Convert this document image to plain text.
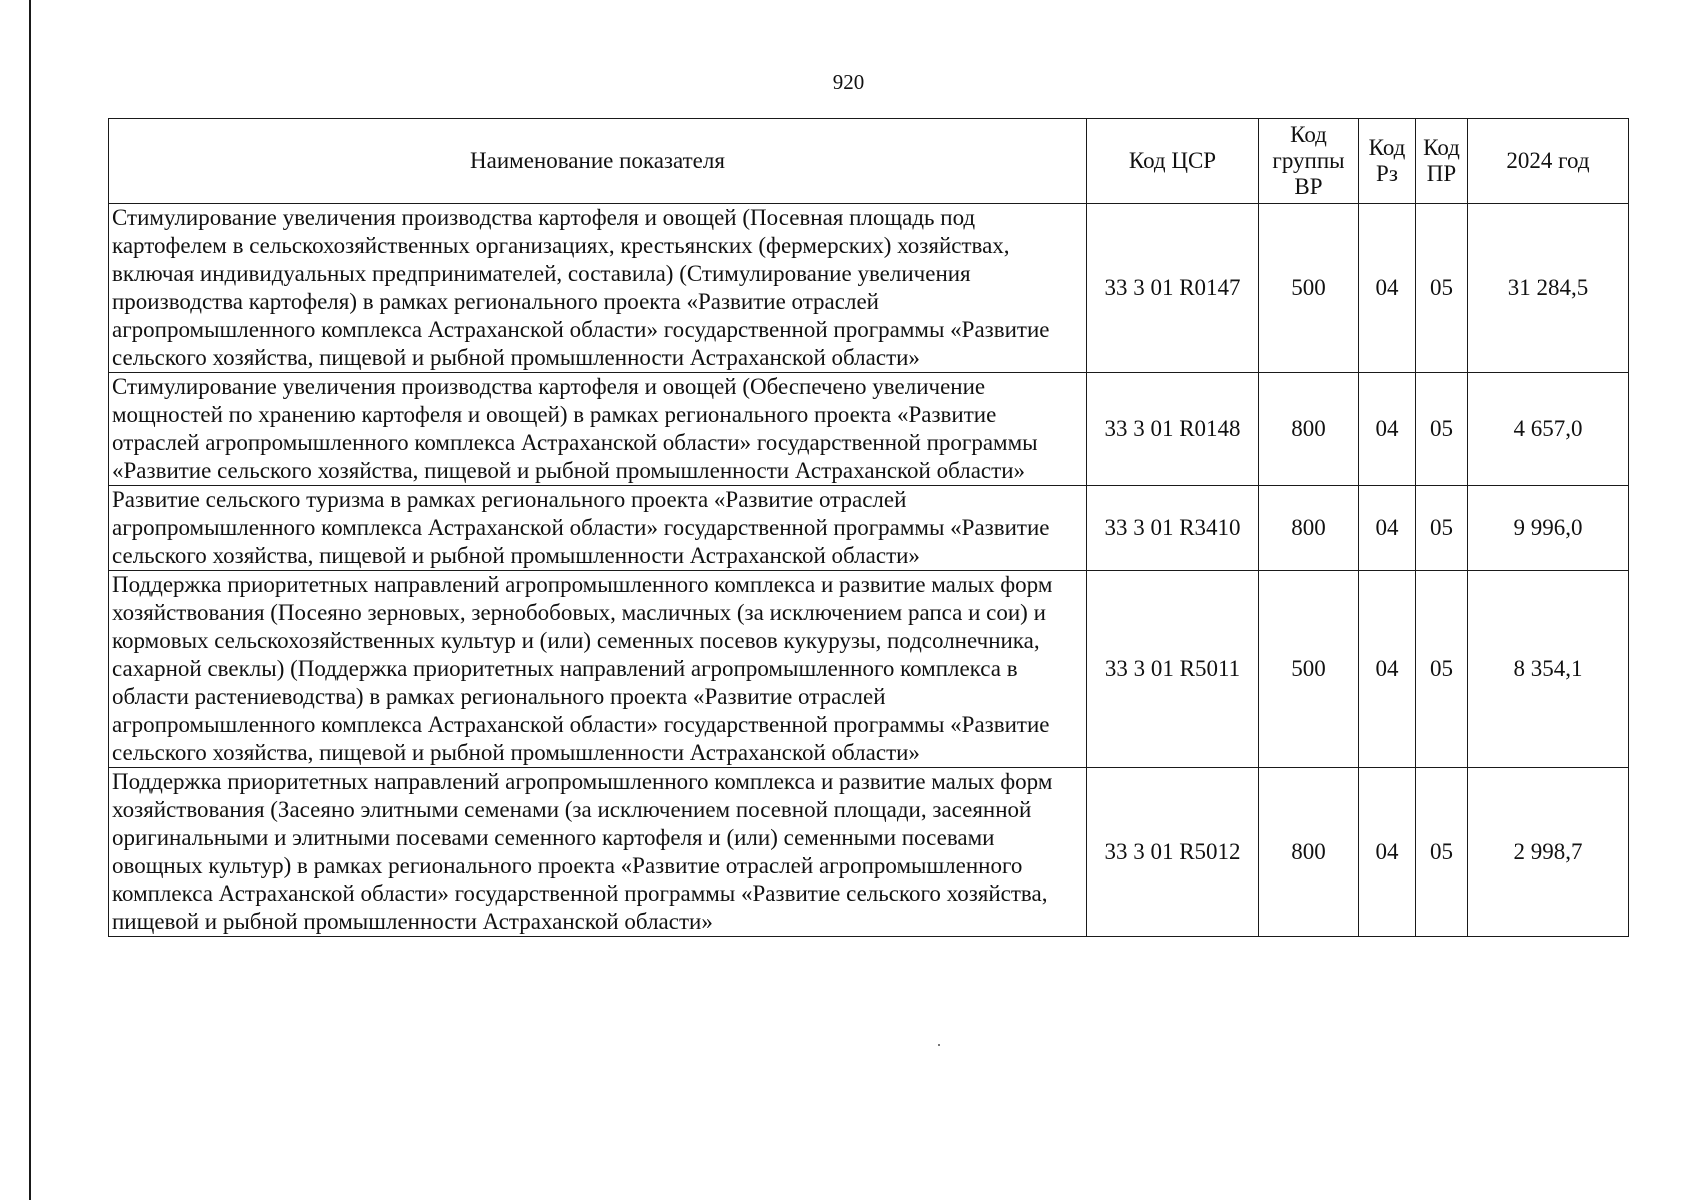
920
Наименование показателя	Код ЦСР	Код группы ВР	Код Рз	Код ПР	2024 год
Стимулирование увеличения производства картофеля и овощей (Посевная площадь под картофелем в сельскохозяйственных организациях, крестьянских (фермерских) хозяйствах, включая индивидуальных предпринимателей, составила) (Стимулирование увеличения производства картофеля) в рамках регионального проекта «Развитие отраслей агропромышленного комплекса Астраханской области» государственной программы «Развитие сельского хозяйства, пищевой и рыбной промышленности Астраханской области»	33 3 01 R0147	500	04	05	31 284,5
Стимулирование увеличения производства картофеля и овощей (Обеспечено увеличение мощностей по хранению картофеля и овощей) в рамках регионального проекта «Развитие отраслей агропромышленного комплекса Астраханской области» государственной программы «Развитие сельского хозяйства, пищевой и рыбной промышленности Астраханской области»	33 3 01 R0148	800	04	05	4 657,0
Развитие сельского туризма в рамках регионального проекта «Развитие отраслей агропромышленного комплекса Астраханской области» государственной программы «Развитие сельского хозяйства, пищевой и рыбной промышленности Астраханской области»	33 3 01 R3410	800	04	05	9 996,0
Поддержка приоритетных направлений агропромышленного комплекса и развитие малых форм хозяйствования (Посеяно зерновых, зернобобовых, масличных (за исключением рапса и сои) и кормовых сельскохозяйственных культур и (или) семенных посевов кукурузы, подсолнечника, сахарной свеклы) (Поддержка приоритетных направлений агропромышленного комплекса в области растениеводства) в рамках регионального проекта «Развитие отраслей агропромышленного комплекса Астраханской области» государственной программы «Развитие сельского хозяйства, пищевой и рыбной промышленности Астраханской области»	33 3 01 R5011	500	04	05	8 354,1
Поддержка приоритетных направлений агропромышленного комплекса и развитие малых форм хозяйствования (Засеяно элитными семенами (за исключением посевной площади, засеянной оригинальными и элитными посевами семенного картофеля и (или) семенными посевами овощных культур) в рамках регионального проекта «Развитие отраслей агропромышленного комплекса Астраханской области» государственной программы «Развитие сельского хозяйства, пищевой и рыбной промышленности Астраханской области»	33 3 01 R5012	800	04	05	2 998,7
